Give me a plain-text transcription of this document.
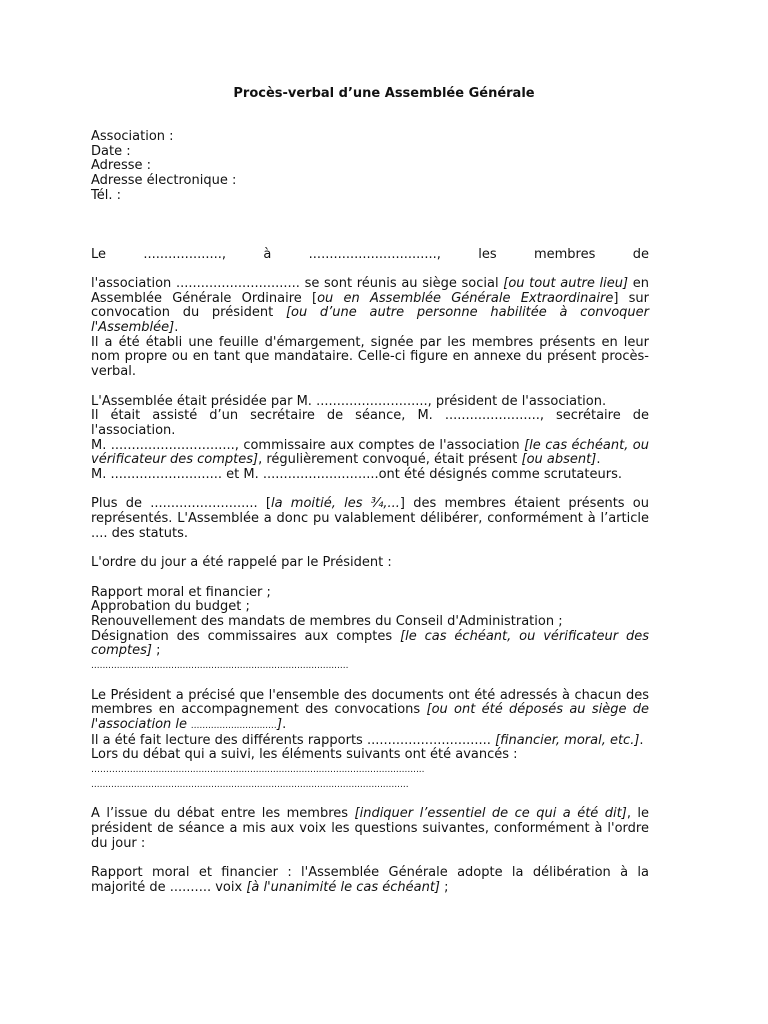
Procès-verbal d’une Assemblée Générale

Association :

Date :

Adresse :

Adresse électronique :

Tél. :

Le ..................., à ..............................., les membres de

l'association .............................. se sont réunis au siège social [ou tout autre lieu] en Assemblée Générale Ordinaire [ou en Assemblée Générale Extraordinaire] sur convocation du président [ou d’une autre personne habilitée à convoquer l'Assemblée].

Il a été établi une feuille d'émargement, signée par les membres présents en leur nom propre ou en tant que mandataire. Celle-ci figure en annexe du présent procès-verbal.

L'Assemblée était présidée par M. ..........................., président de l'association.

Il était assisté d’un secrétaire de séance, M. ......................., secrétaire de l'association.

M. .............................., commissaire aux comptes de l'association [le cas échéant, ou vérificateur des comptes], régulièrement convoqué, était présent [ou absent].

M. ........................... et M. ............................ont été désignés comme scrutateurs.

Plus de .......................... [la moitié, les ¾,...] des membres étaient présents ou représentés. L'Assemblée a donc pu valablement délibérer, conformément à l’article .... des statuts.

L'ordre du jour a été rappelé par le Président :

Rapport moral et financier ;

Approbation du budget ;

Renouvellement des mandats de membres du Conseil d'Administration ;

Désignation des commissaires aux comptes [le cas échéant, ou vérificateur des comptes] ;

..........................................................................................

Le Président a précisé que l'ensemble des documents ont été adressés à chacun des membres en accompagnement des convocations [ou ont été déposés au siège de l'association le ..............................].

Il a été fait lecture des différents rapports .............................. [financier, moral, etc.].

Lors du débat qui a suivi, les éléments suivants ont été avancés :

….……….......................................................................................................

...............................................................................................................

A l’issue du débat entre les membres [indiquer l’essentiel de ce qui a été dit], le président de séance a mis aux voix les questions suivantes, conformément à l'ordre du jour :

Rapport moral et financier : l'Assemblée Générale adopte la délibération à la majorité de .......... voix [à l'unanimité le cas échéant] ;
